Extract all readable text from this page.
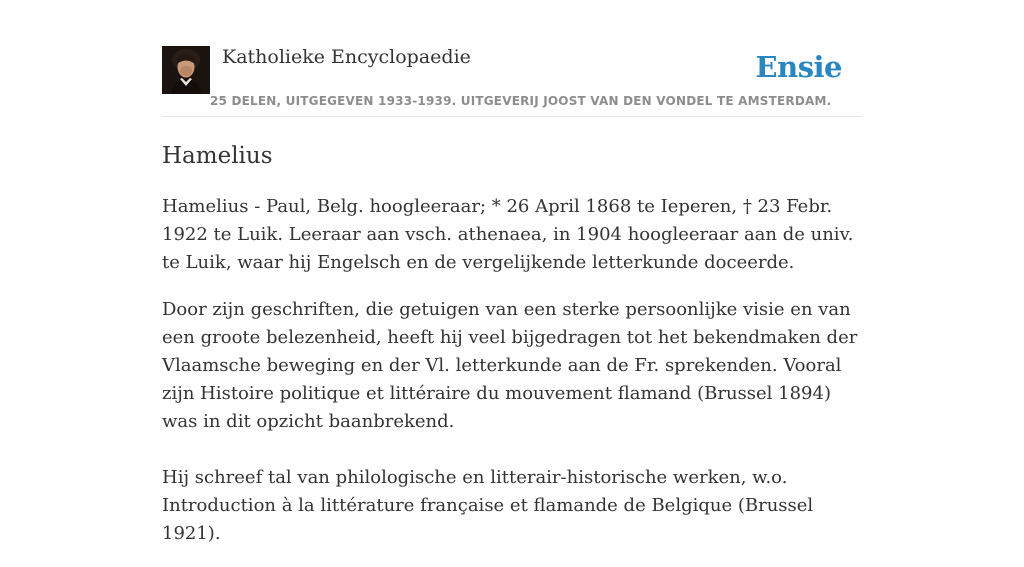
Katholieke Encyclopaedie	Ensie
25 DELEN, UITGEGEVEN 1933-1939. UITGEVERIJ JOOST VAN DEN VONDEL TE AMSTERDAM.
Hamelius

Hamelius - Paul, Belg. hoogleeraar; * 26 April 1868 te Ieperen, † 23 Febr. 1922 te Luik. Leeraar aan vsch. athenaea, in 1904 hoogleeraar aan de univ. te Luik, waar hij Engelsch en de vergelijkende letterkunde doceerde.

Door zijn geschriften, die getuigen van een sterke persoonlijke visie en van een groote belezenheid, heeft hij veel bijgedragen tot het bekendmaken der Vlaamsche beweging en der Vl. letterkunde aan de Fr. sprekenden. Vooral zijn Histoire politique et littéraire du mouvement flamand (Brussel 1894) was in dit opzicht baanbrekend.

Hij schreef tal van philologische en litterair-historische werken, w.o. Introduction à la littérature française et flamande de Belgique (Brussel 1921).
